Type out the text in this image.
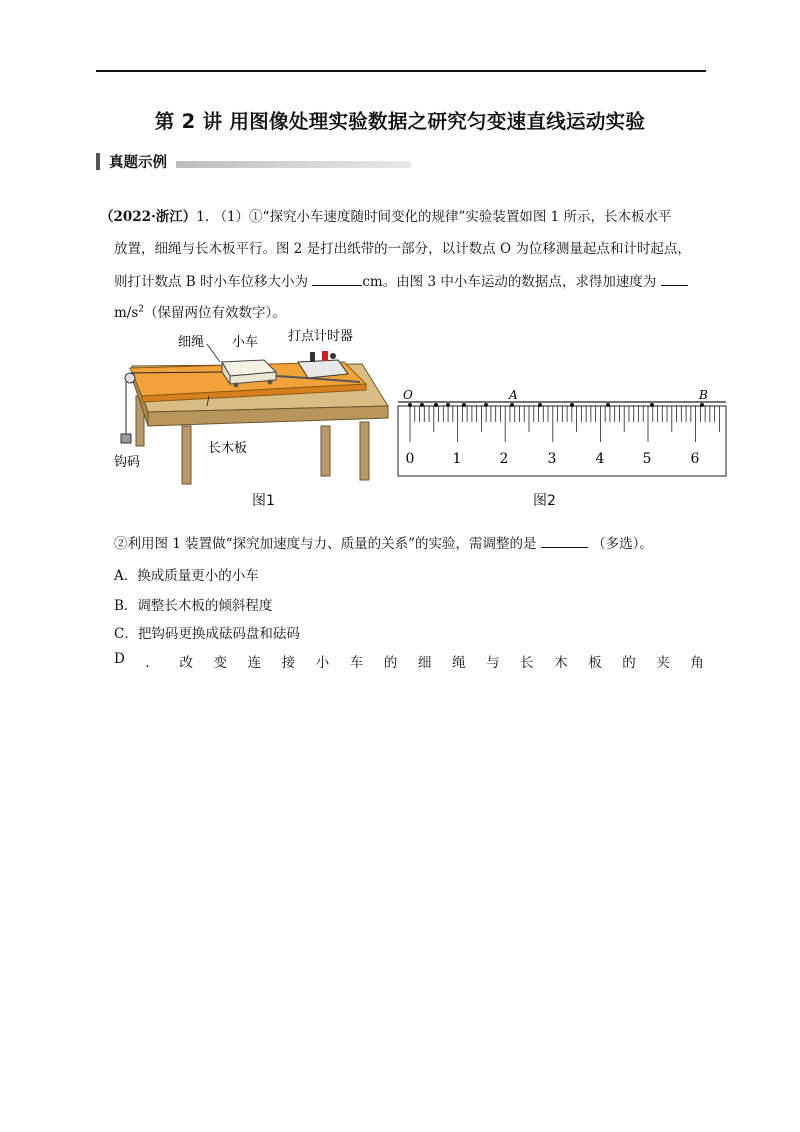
第 2 讲 用图像处理实验数据之研究匀变速直线运动实验
真题示例
（2022·浙江）1. （1）①“探究小车速度随时间变化的规律”实验装置如图 1 所示，长木板水平
放置，细绳与长木板平行。图 2 是打出纸带的一部分，以计数点 O 为位移测量起点和计时起点，
则打计数点 B 时小车位移大小为	cm。由图 3 中小车运动的数据点，求得加速度为
$m/s^2$（保留两位有效数字）。
细绳 小车 打点计时器
长木板
钩码
图1
O	A	B
0	1	2	3	4	5	6
图2
②利用图 1 装置做“探究加速度与力、质量的关系”的实验，需调整的是	（多选）。
A．换成质量更小的小车
B．调整长木板的倾斜程度
C．把钩码更换成砝码盘和砝码
D ． 改 变 连 接 小 车 的 细 绳 与 长 木 板 的 夹 角
